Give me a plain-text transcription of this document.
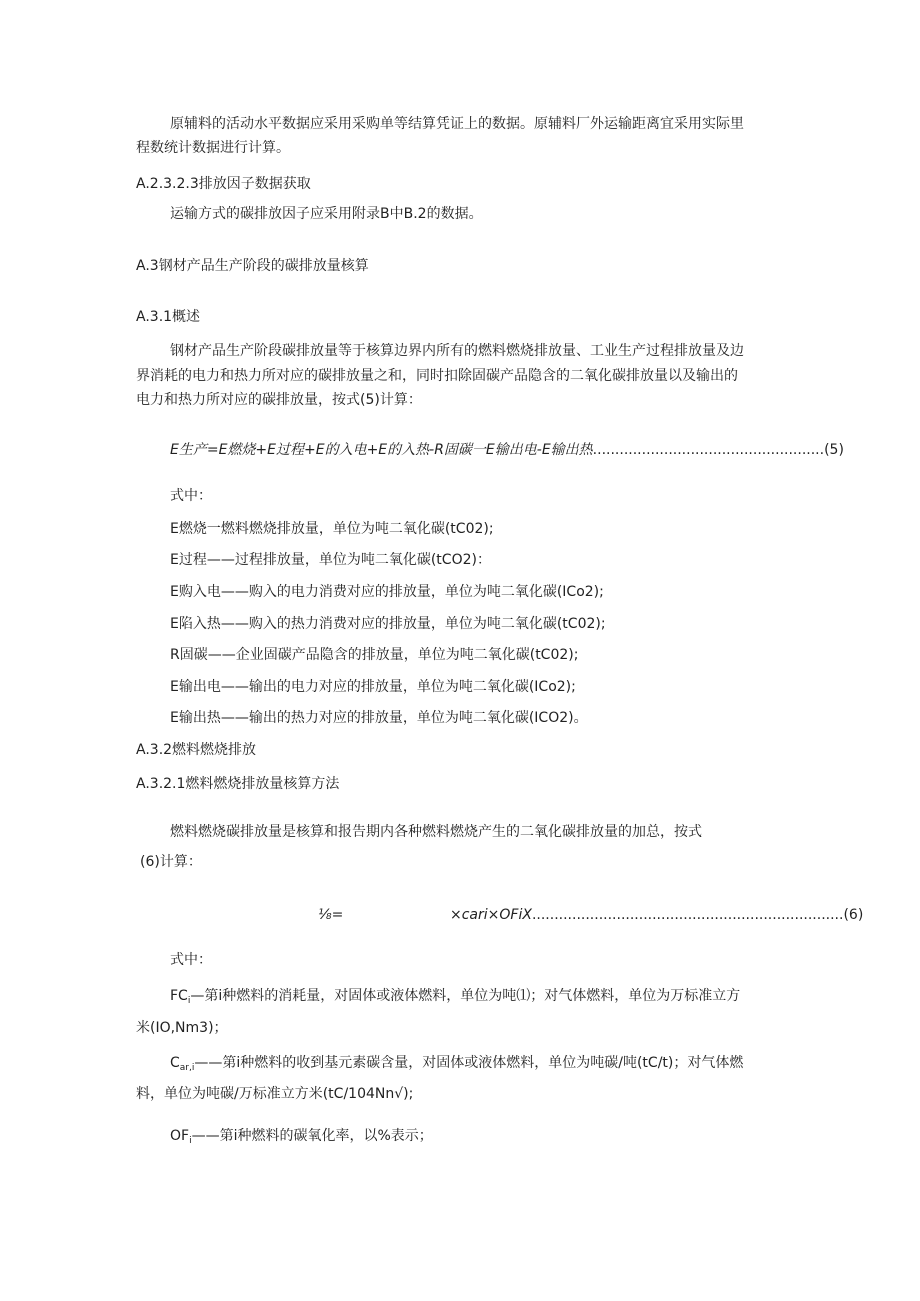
原辅料的活动水平数据应采用采购单等结算凭证上的数据。原辅料厂外运输距离宜采用实际里
程数统计数据进行计算。
A.2.3.2.3排放因子数据获取
运输方式的碳排放因子应采用附录B中B.2的数据。
A.3钢材产品生产阶段的碳排放量核算
A.3.1概述
钢材产品生产阶段碳排放量等于核算边界内所有的燃料燃烧排放量、工业生产过程排放量及边
界消耗的电力和热力所对应的碳排放量之和，同时扣除固碳产品隐含的二氧化碳排放量以及输出的
电力和热力所对应的碳排放量，按式(5)计算：
E生产=E燃烧+E过程+E的入电+E的入热-R固碳一E输出电-E输出热....................................................(5)
式中：
E燃烧一燃料燃烧排放量，单位为吨二氧化碳(tC02);
E过程——过程排放量，单位为吨二氧化碳(tCO2)：
E购入电——购入的电力消费对应的排放量，单位为吨二氧化碳(ICo2);
E陷入热——购入的热力消费对应的排放量，单位为吨二氧化碳(tC02);
R固碳——企业固碳产品隐含的排放量，单位为吨二氧化碳(tC02);
E输出电——输出的电力对应的排放量，单位为吨二氧化碳(ICo2);
E输出热——输出的热力对应的排放量，单位为吨二氧化碳(ICO2)。
A.3.2燃料燃烧排放
A.3.2.1燃料燃烧排放量核算方法
燃料燃烧碳排放量是核算和报告期内各种燃料燃烧产生的二氧化碳排放量的加总，按式
(6)计算：
⅛=	×cari×OFiX......................................................................(6)
式中：
$FC_i—$第i种燃料的消耗量，对固体或液体燃料，单位为吨⑴；对气体燃料，单位为万标准立方
米(IO,Nm3)；
$C_{ar,i}——$第i种燃料的收到基元素碳含量，对固体或液体燃料，单位为吨碳/吨(tC/t)；对气体燃
料，单位为吨碳/万标准立方米(tC/104Nn√);
$OF_i——$第i种燃料的碳氧化率，以%表示；
